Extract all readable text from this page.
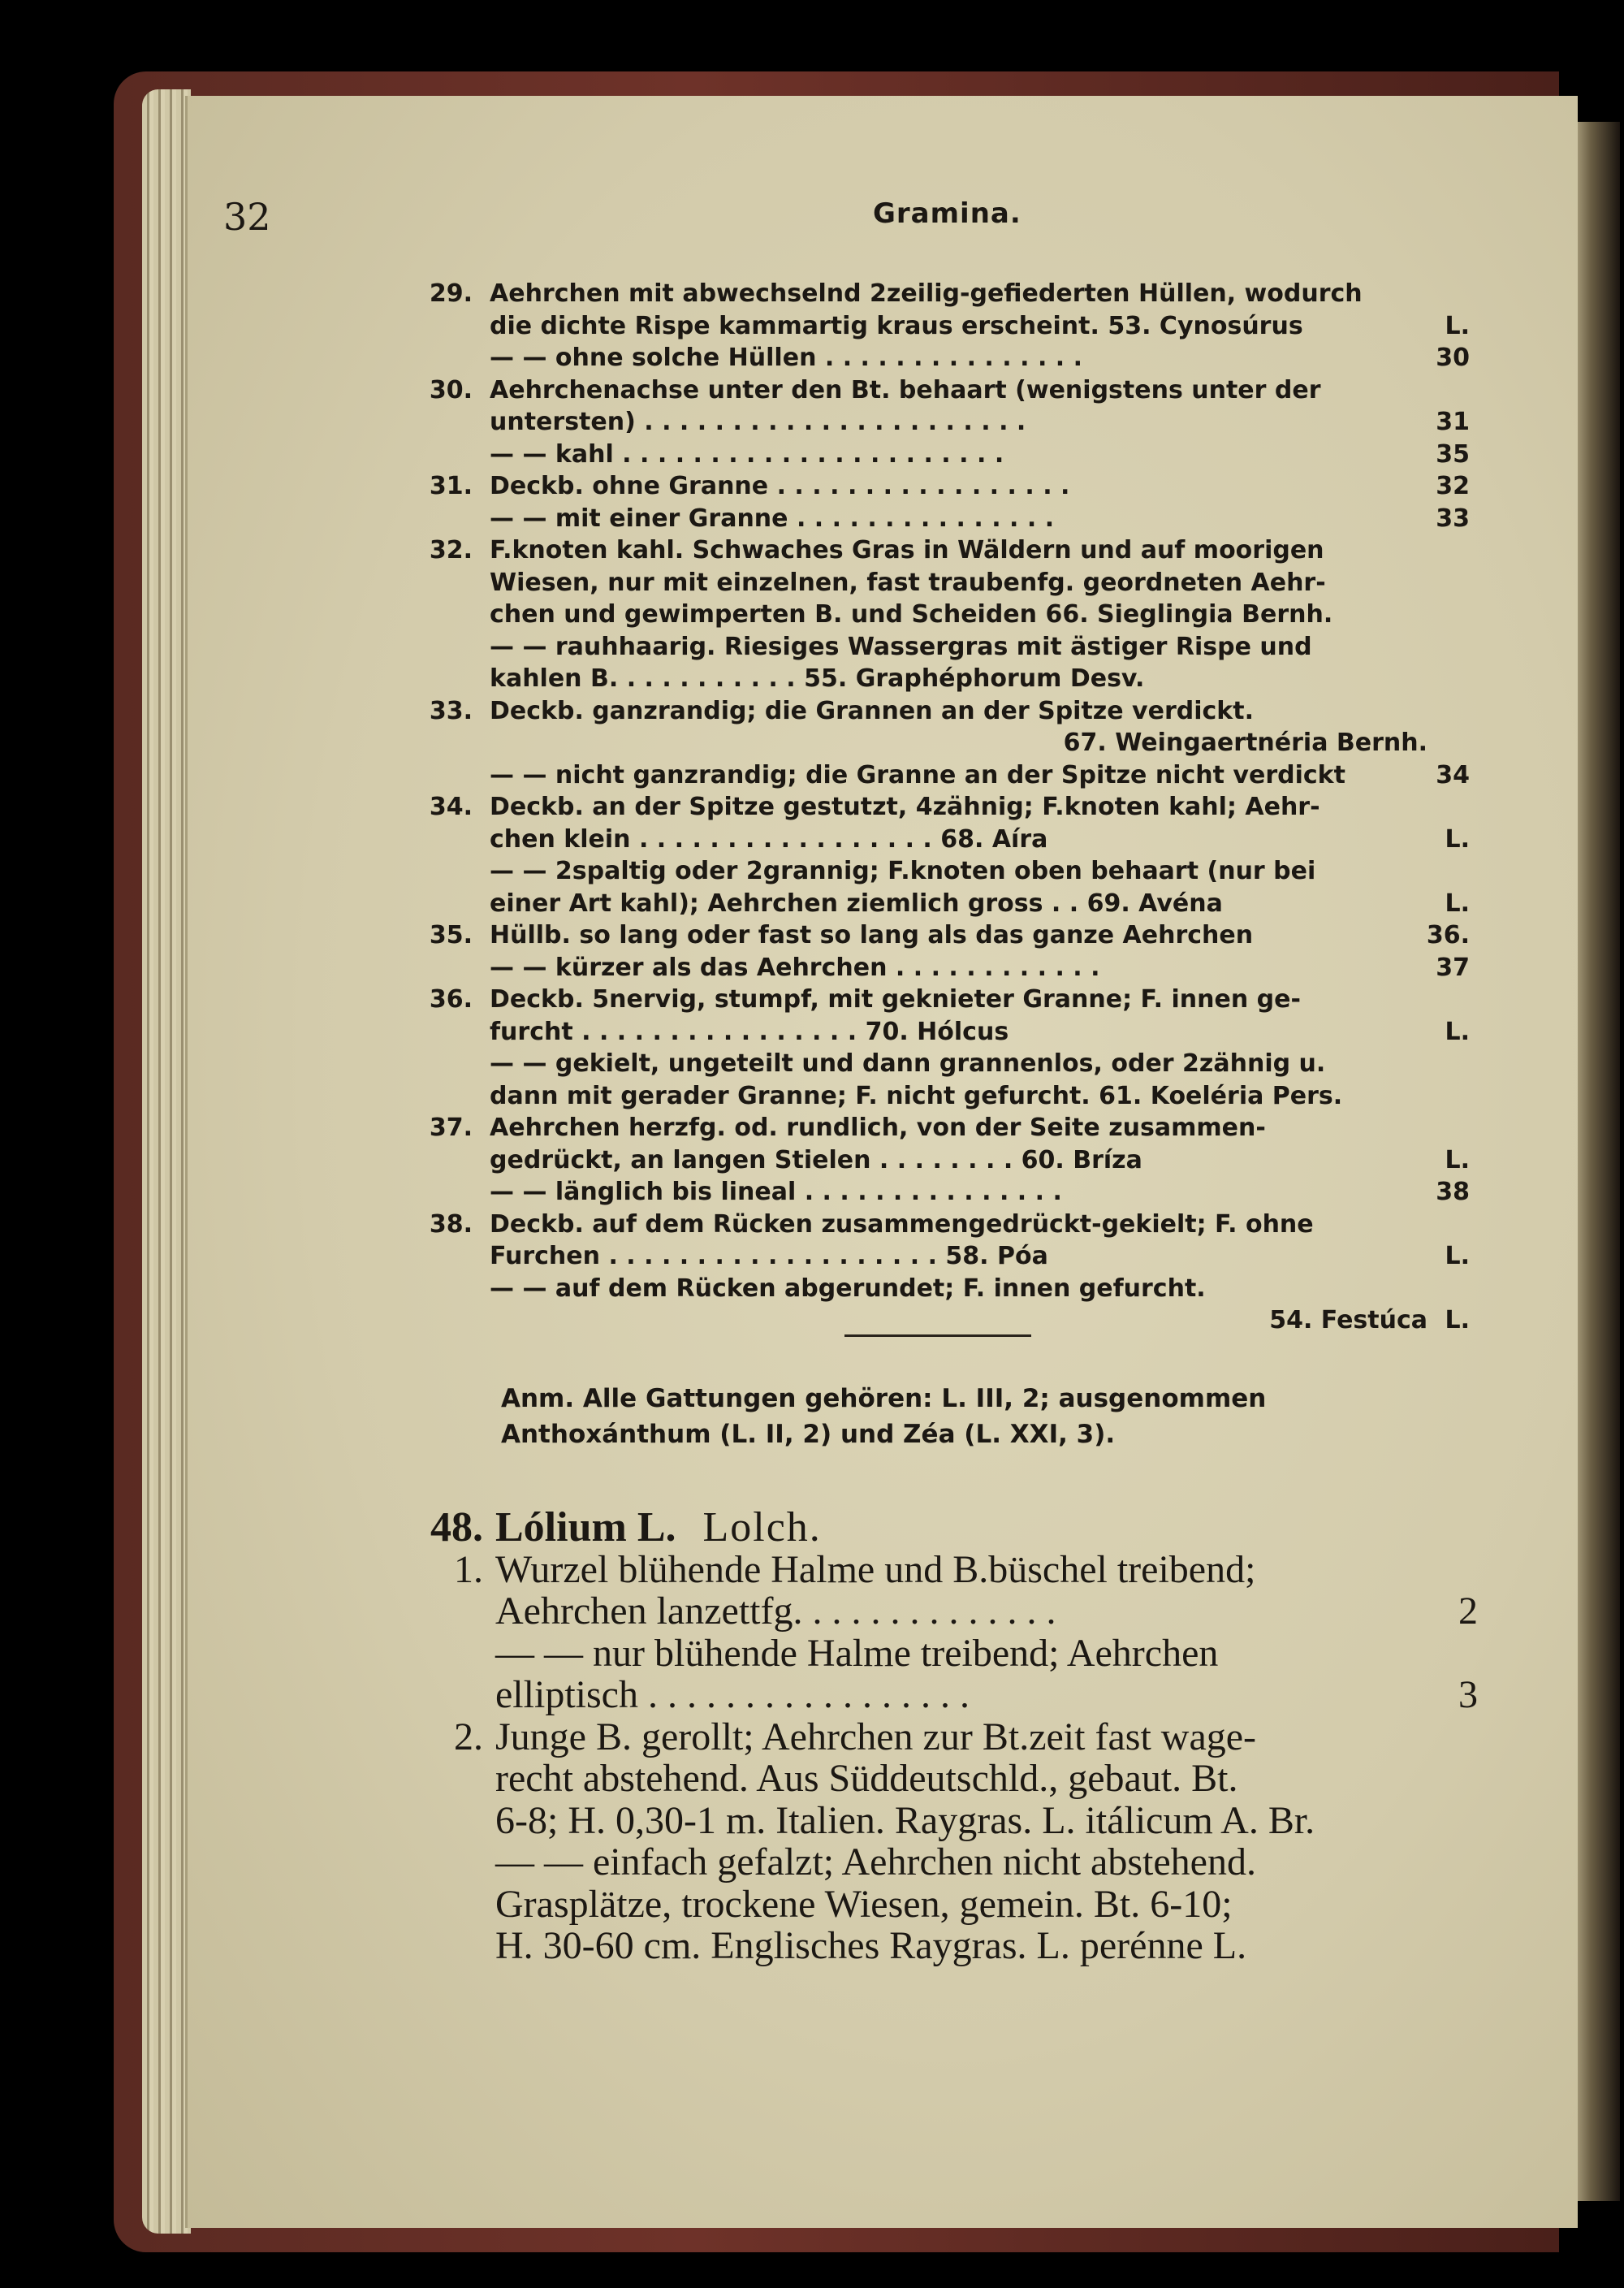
32	Gramina.
29. Aehrchen mit abwechselnd 2zeilig-gefiederten Hüllen, wodurch
die dichte Rispe kammartig kraus erscheint. 53. Cynosúrus	L.
— — ohne solche Hüllen . . . . . . . . . . . . . . .	30
30. Aehrchenachse unter den Bt. behaart (wenigstens unter der
untersten) . . . . . . . . . . . . . . . . . . . . . .	31
— — kahl . . . . . . . . . . . . . . . . . . . . . .	35
31. Deckb. ohne Granne . . . . . . . . . . . . . . . . .	32
— — mit einer Granne . . . . . . . . . . . . . . .	33
32. F.knoten kahl. Schwaches Gras in Wäldern und auf moorigen
Wiesen, nur mit einzelnen, fast traubenfg. geordneten Aehr-
chen und gewimperten B. und Scheiden 66. Sieglingia Bernh.
— — rauhhaarig. Riesiges Wassergras mit ästiger Rispe und
kahlen B. . . . . . . . . . . 55. Graphéphorum Desv.
33. Deckb. ganzrandig; die Grannen an der Spitze verdickt.
67. Weingaertnéria Bernh.
— — nicht ganzrandig; die Granne an der Spitze nicht verdickt	34
34. Deckb. an der Spitze gestutzt, 4zähnig; F.knoten kahl; Aehr-
chen klein . . . . . . . . . . . . . . . . . 68. Aíra	L.
— — 2spaltig oder 2grannig; F.knoten oben behaart (nur bei
einer Art kahl); Aehrchen ziemlich gross . . 69. Avéna	L.
35. Hüllb. so lang oder fast so lang als das ganze Aehrchen	36.
— — kürzer als das Aehrchen . . . . . . . . . . . .	37
36. Deckb. 5nervig, stumpf, mit geknieter Granne; F. innen ge-
furcht . . . . . . . . . . . . . . . . 70. Hólcus	L.
— — gekielt, ungeteilt und dann grannenlos, oder 2zähnig u.
dann mit gerader Granne; F. nicht gefurcht. 61. Koeléria Pers.
37. Aehrchen herzfg. od. rundlich, von der Seite zusammen-
gedrückt, an langen Stielen . . . . . . . . 60. Bríza	L.
— — länglich bis lineal . . . . . . . . . . . . . . .	38
38. Deckb. auf dem Rücken zusammengedrückt-gekielt; F. ohne
Furchen . . . . . . . . . . . . . . . . . . . 58. Póa	L.
— — auf dem Rücken abgerundet; F. innen gefurcht.
54. Festúca L.
Anm. Alle Gattungen gehören: L. III, 2; ausgenommen
Anthoxánthum (L. II, 2) und Zéa (L. XXI, 3).
48. Lólium L. Lolch.
1. Wurzel blühende Halme und B.büschel treibend;
Aehrchen lanzettfg. . . . . . . . . . . . . .	2
— — nur blühende Halme treibend; Aehrchen
elliptisch . . . . . . . . . . . . . . . . .	3
2. Junge B. gerollt; Aehrchen zur Bt.zeit fast wage-
recht abstehend. Aus Süddeutschld., gebaut. Bt.
6-8; H. 0,30-1 m. Italien. Raygras. L. itálicum A. Br.
— — einfach gefalzt; Aehrchen nicht abstehend.
Grasplätze, trockene Wiesen, gemein. Bt. 6-10;
H. 30-60 cm. Englisches Raygras. L. perénne L.
